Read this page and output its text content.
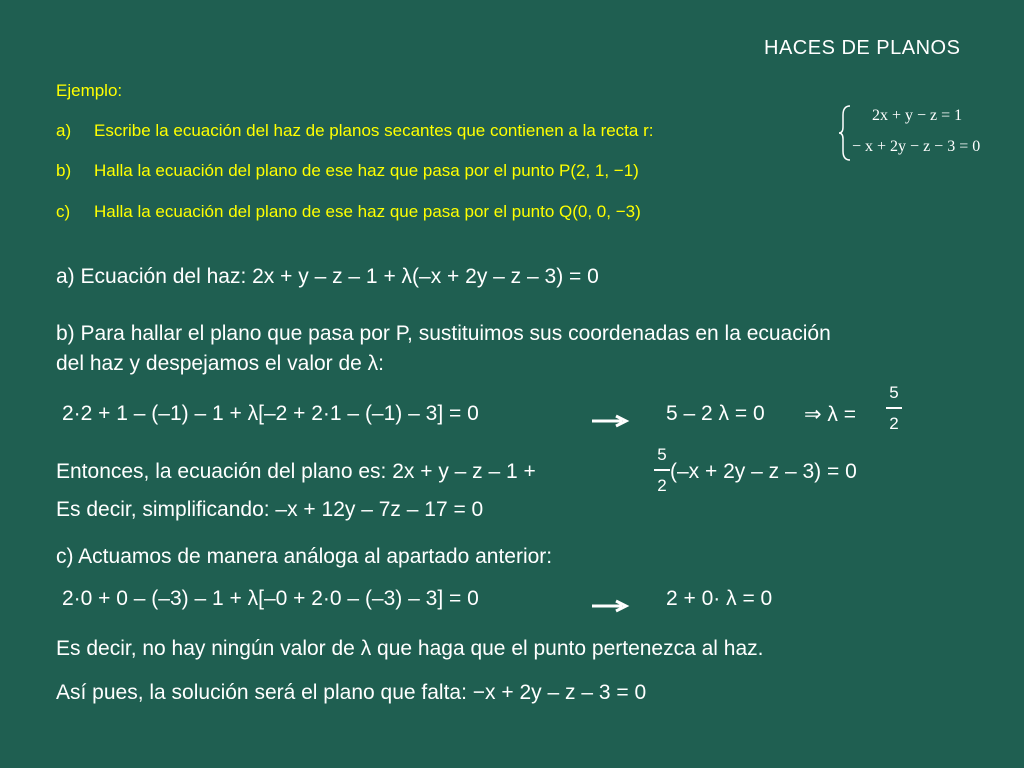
HACES DE PLANOS
Ejemplo:
a) Escribe la ecuación del haz de planos secantes que contienen a la recta r:
b) Halla la ecuación del plano de ese haz que pasa por el punto P(2, 1, −1)
c) Halla la ecuación del plano de ese haz que pasa por el punto Q(0, 0, −3)
2x + y − z = 1
− x + 2y − z − 3 = 0
a) Ecuación del haz: 2x + y – z – 1 + λ(–x + 2y – z – 3) = 0
b) Para hallar el plano que pasa por P, sustituimos sus coordenadas en la ecuación
del haz y despejamos el valor de λ:
2·2 + 1 – (–1) – 1 + λ[–2 + 2·1 – (–1) – 3] = 0	5 – 2 λ = 0 ⇒ λ =
5
2
Entonces, la ecuación del plano es: 2x + y – z – 1 +
5
2
(–x + 2y – z – 3) = 0
Es decir, simplificando: –x + 12y – 7z – 17 = 0
c) Actuamos de manera análoga al apartado anterior:
2·0 + 0 – (–3) – 1 + λ[–0 + 2·0 – (–3) – 3] = 0	2 + 0· λ = 0
Es decir, no hay ningún valor de λ que haga que el punto pertenezca al haz.
Así pues, la solución será el plano que falta: −x + 2y – z – 3 = 0
